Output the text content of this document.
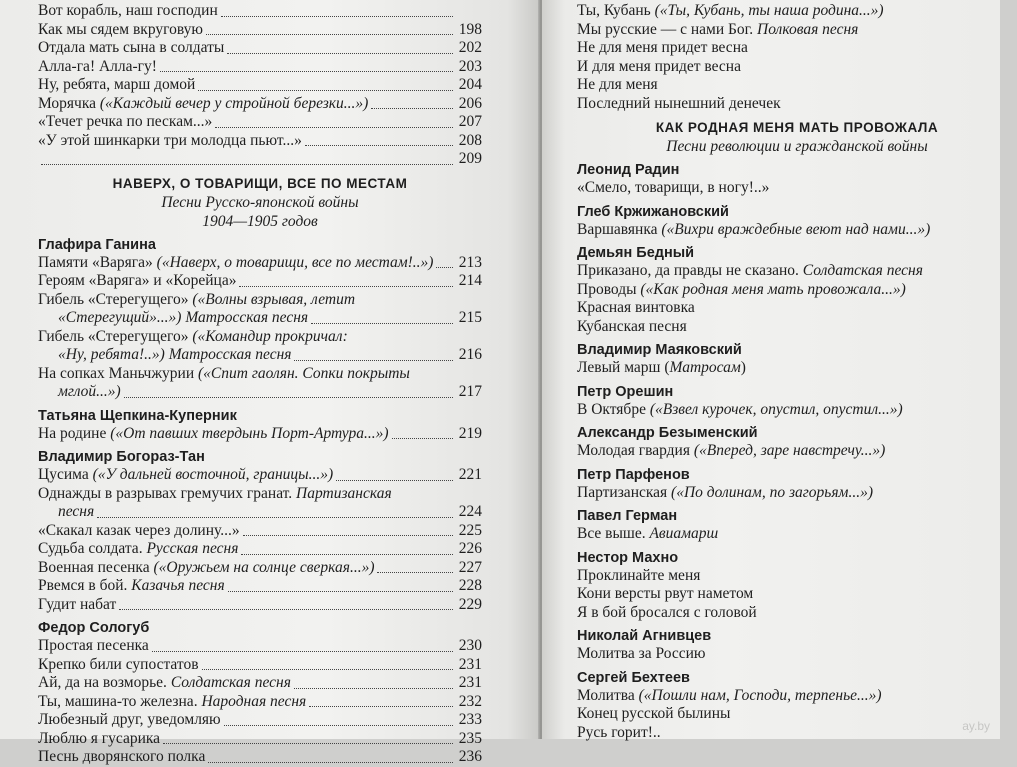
Вот корабль, наш господин
Как мы сядем вкруговую	198
Отдала мать сына в солдаты	202
Алла-га! Алла-гу!	203
Ну, ребята, марш домой	204
Морячка («Каждый вечер у стройной березки...»)	206
«Течет речка по пескам...»	207
«У этой шинкарки три молодца пьют...»	208
209
НАВЕРХ, О ТОВАРИЩИ, ВСЕ ПО МЕСТАМ
Песни Русско-японской войны
1904—1905 годов
Глафира Ганина
Памяти «Варяга» («Наверх, о товарищи, все по местам!..») 213
Героям «Варяга» и «Корейца»	214
Гибель «Стерегущего» («Волны взрывая, летит
«Стерегущий»...») Матросская песня	215
Гибель «Стерегущего» («Командир прокричал:
«Ну, ребята!..») Матросская песня	216
На сопках Маньчжурии («Спит гаолян. Сопки покрыты
мглой...»)	217
Татьяна Щепкина-Куперник
На родине («От павших твердынь Порт-Артура...»)	219
Владимир Богораз-Тан
Цусима («У дальней восточной, границы...»)	221
Однажды в разрывах гремучих гранат. Партизанская
песня	224
«Скакал казак через долину...»	225
Судьба солдата. Русская песня	226
Военная песенка («Оружьем на солнце сверкая...»)	227
Рвемся в бой. Казачья песня	228
Гудит набат	229
Федор Сологуб
Простая песенка	230
Крепко били супостатов	231
Ай, да на возморье. Солдатская песня	231
Ты, машина-то железна. Народная песня	232
Любезный друг, уведомляю	233
Люблю я гусарика	235
Песнь дворянского полка	236
Ты, Кубань («Ты, Кубань, ты наша родина...»)
Мы русские — с нами Бог. Полковая песня
Не для меня придет весна
И для меня придет весна
Не для меня
Последний нынешний денечек
КАК РОДНАЯ МЕНЯ МАТЬ ПРОВОЖАЛА
Песни революции и гражданской войны
Леонид Радин
«Смело, товарищи, в ногу!..»
Глеб Кржижановский
Варшавянка («Вихри враждебные веют над нами...»)
Демьян Бедный
Приказано, да правды не сказано. Солдатская песня
Проводы («Как родная меня мать провожала...»)
Красная винтовка
Кубанская песня
Владимир Маяковский
Левый марш (Матросам)
Петр Орешин
В Октябре («Взвел курочек, опустил, опустил...»)
Александр Безыменский
Молодая гвардия («Вперед, заре навстречу...»)
Петр Парфенов
Партизанская («По долинам, по загорьям...»)
Павел Герман
Все выше. Авиамарш
Нестор Махно
Проклинайте меня
Кони версты рвут наметом
Я в бой бросался с головой
Николай Агнивцев
Молитва за Россию
Сергей Бехтеев
Молитва («Пошли нам, Господи, терпенье...»)
Конец русской былины
Русь горит!..	ay.by
